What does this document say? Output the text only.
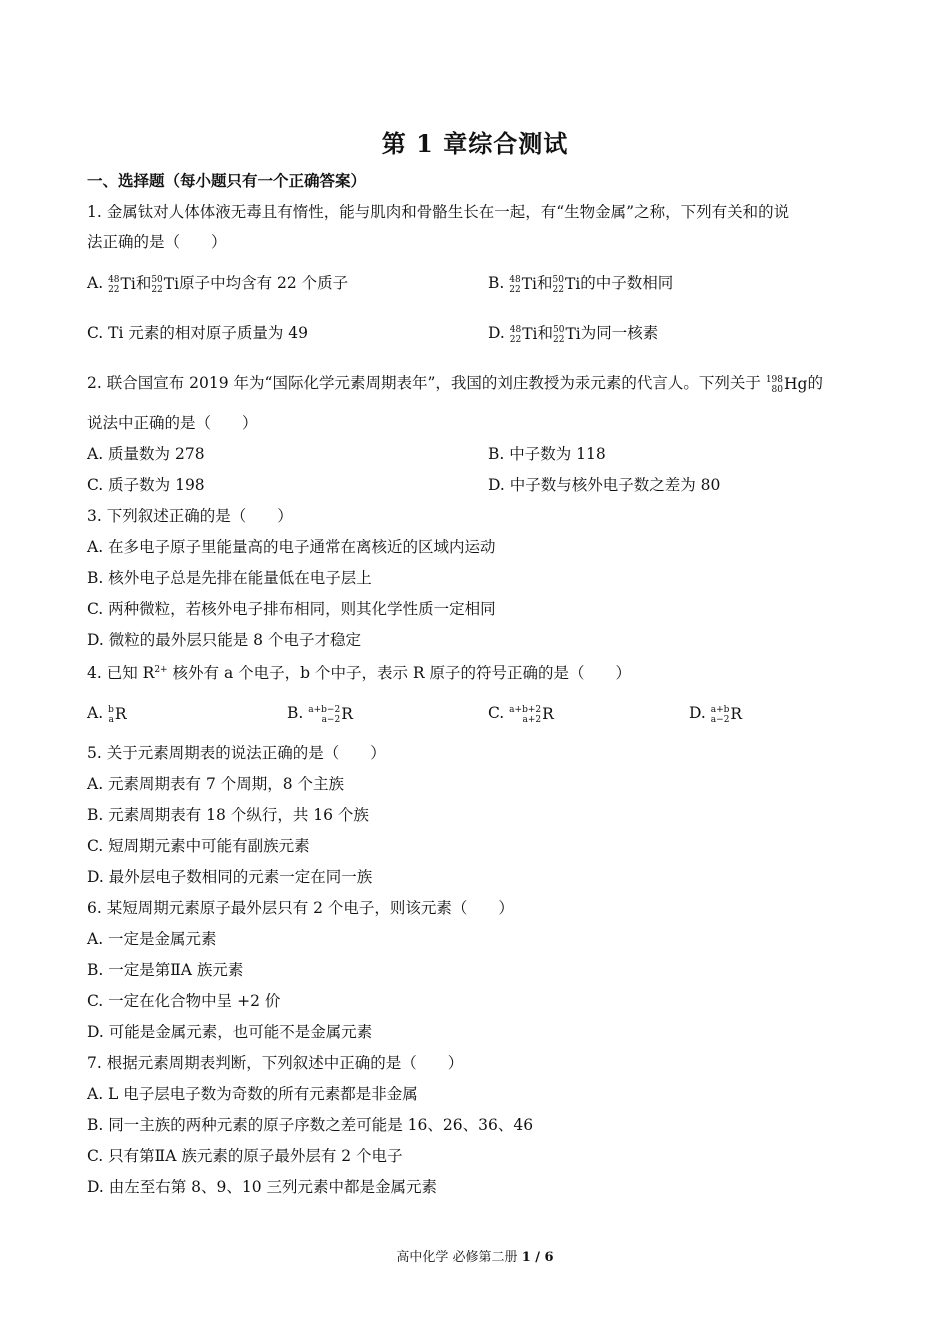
第 1 章综合测试
一、选择题（每小题只有一个正确答案）
1. 金属钛对人体体液无毒且有惰性，能与肌肉和骨骼生长在一起，有“生物金属”之称，下列有关和的说
法正确的是（　　）
A. 48
22 Ti 和 50
22 Ti 原子中均含有 22 个质子	B. 48
22 Ti 和 50
22 Ti 的中子数相同
C. Ti 元素的相对原子质量为 49	D. 48
22 Ti 和 50
22 Ti 为同一核素
2. 联合国宣布 2019 年为“国际化学元素周期表年”，我国的刘庄教授为汞元素的代言人。下列关于 198
80 Hg 的
说法中正确的是（　　）
A. 质量数为 278	B. 中子数为 118
C. 质子数为 198	D. 中子数与核外电子数之差为 80
3. 下列叙述正确的是（　　）
A. 在多电子原子里能量高的电子通常在离核近的区域内运动
B. 核外电子总是先排在能量低在电子层上
C. 两种微粒，若核外电子排布相同，则其化学性质一定相同
D. 微粒的最外层只能是 8 个电子才稳定
4. 已知 $R^{2+}$ 核外有 a 个电子，b 个中子，表示 R 原子的符号正确的是（　　）
A. b
a R	B. a+b−2
a−2 R	C. a+b+2
a+2 R	D. a+b
a−2 R
5. 关于元素周期表的说法正确的是（　　）
A. 元素周期表有 7 个周期，8 个主族
B. 元素周期表有 18 个纵行，共 16 个族
C. 短周期元素中可能有副族元素
D. 最外层电子数相同的元素一定在同一族
6. 某短周期元素原子最外层只有 2 个电子，则该元素（　　）
A. 一定是金属元素
B. 一定是第ⅡA 族元素
C. 一定在化合物中呈 +2 价
D. 可能是金属元素，也可能不是金属元素
7. 根据元素周期表判断，下列叙述中正确的是（　　）
A. L 电子层电子数为奇数的所有元素都是非金属
B. 同一主族的两种元素的原子序数之差可能是 16、26、36、46
C. 只有第ⅡA 族元素的原子最外层有 2 个电子
D. 由左至右第 8、9、10 三列元素中都是金属元素
高中化学 必修第二册 1 / 6
